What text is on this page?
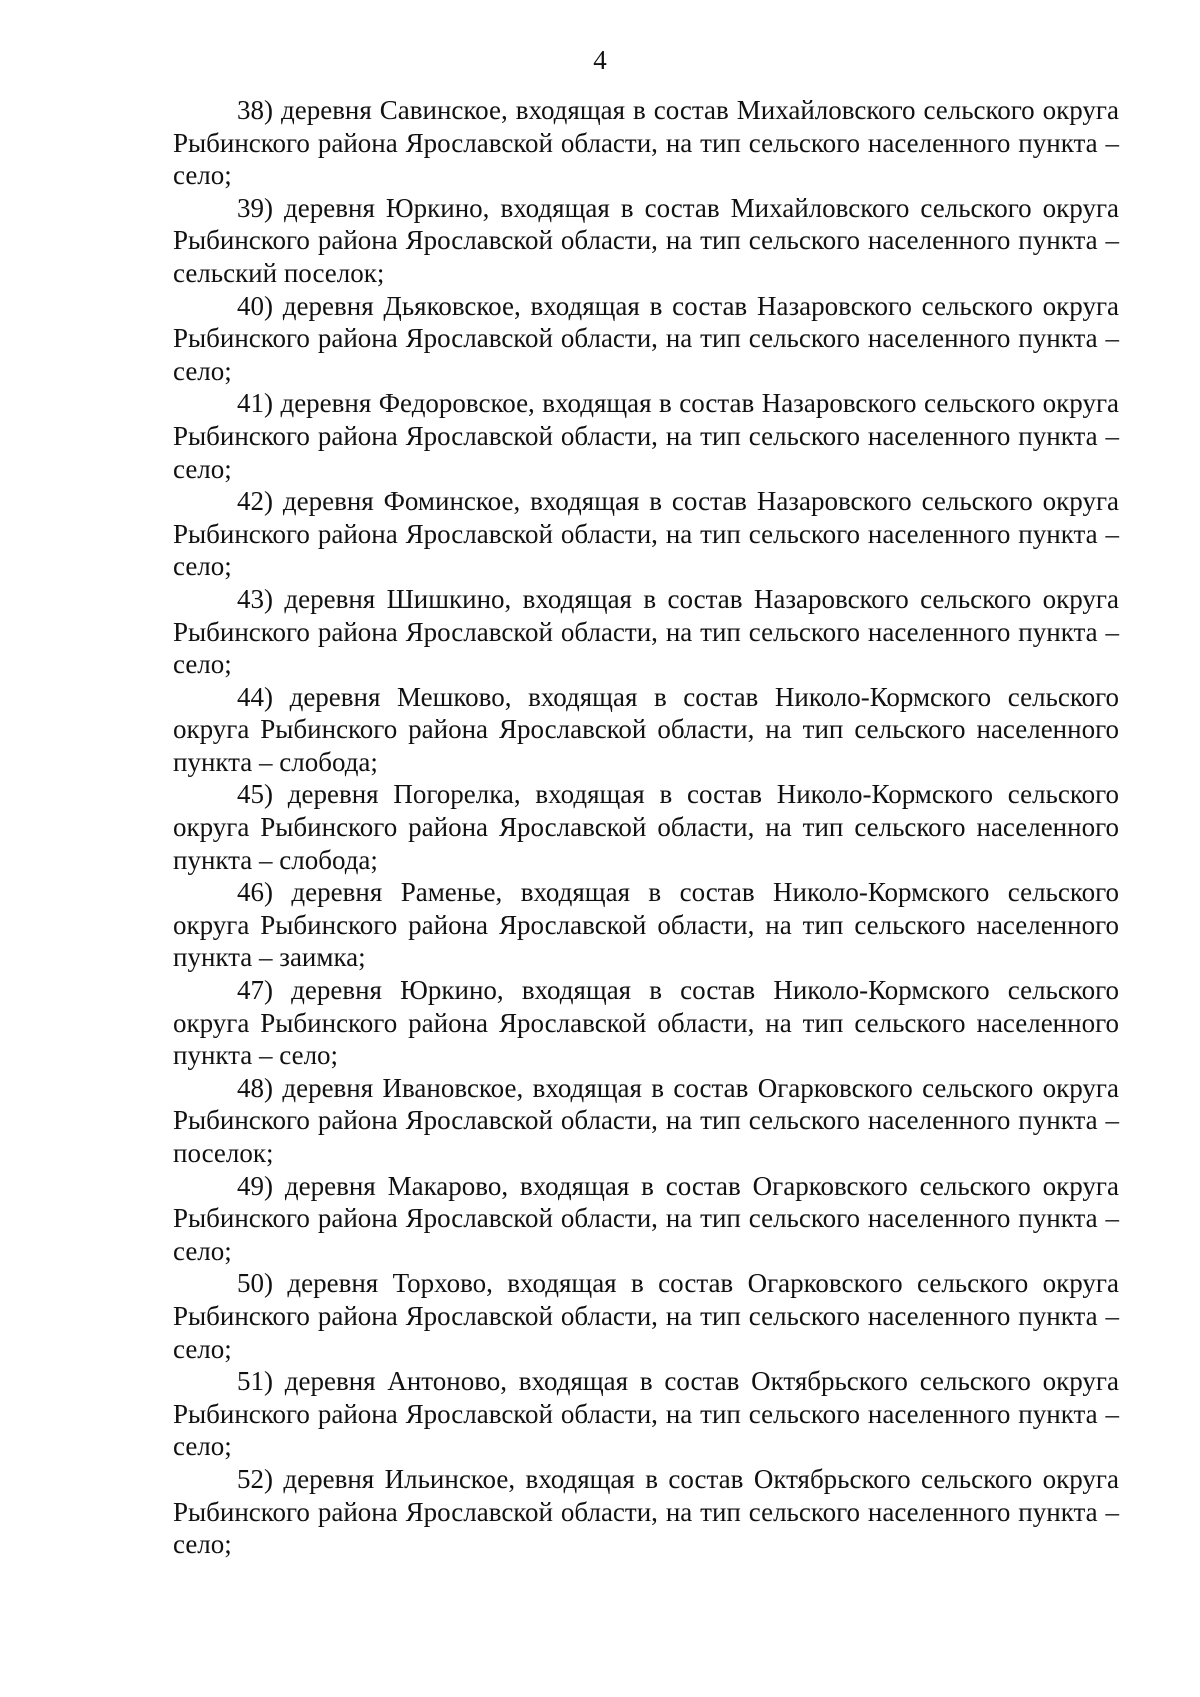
4

38) деревня Савинское, входящая в состав Михайловского сельского округа Рыбинского района Ярославской области, на тип сельского населенного пункта – село;

39) деревня Юркино, входящая в состав Михайловского сельского округа Рыбинского района Ярославской области, на тип сельского населенного пункта – сельский поселок;

40) деревня Дьяковское, входящая в состав Назаровского сельского округа Рыбинского района Ярославской области, на тип сельского населенного пункта – село;

41) деревня Федоровское, входящая в состав Назаровского сельского округа Рыбинского района Ярославской области, на тип сельского населенного пункта – село;

42) деревня Фоминское, входящая в состав Назаровского сельского округа Рыбинского района Ярославской области, на тип сельского населенного пункта – село;

43) деревня Шишкино, входящая в состав Назаровского сельского округа Рыбинского района Ярославской области, на тип сельского населенного пункта – село;

44) деревня Мешково, входящая в состав Николо-Кормского сельского округа Рыбинского района Ярославской области, на тип сельского населенного пункта – слобода;

45) деревня Погорелка, входящая в состав Николо-Кормского сельского округа Рыбинского района Ярославской области, на тип сельского населенного пункта – слобода;

46) деревня Раменье, входящая в состав Николо-Кормского сельского округа Рыбинского района Ярославской области, на тип сельского населенного пункта – заимка;

47) деревня Юркино, входящая в состав Николо-Кормского сельского округа Рыбинского района Ярославской области, на тип сельского населенного пункта – село;

48) деревня Ивановское, входящая в состав Огарковского сельского округа Рыбинского района Ярославской области, на тип сельского населенного пункта – поселок;

49) деревня Макарово, входящая в состав Огарковского сельского округа Рыбинского района Ярославской области, на тип сельского населенного пункта – село;

50) деревня Торхово, входящая в состав Огарковского сельского округа Рыбинского района Ярославской области, на тип сельского населенного пункта – село;

51) деревня Антоново, входящая в состав Октябрьского сельского округа Рыбинского района Ярославской области, на тип сельского населенного пункта – село;

52) деревня Ильинское, входящая в состав Октябрьского сельского округа Рыбинского района Ярославской области, на тип сельского населенного пункта – село;
